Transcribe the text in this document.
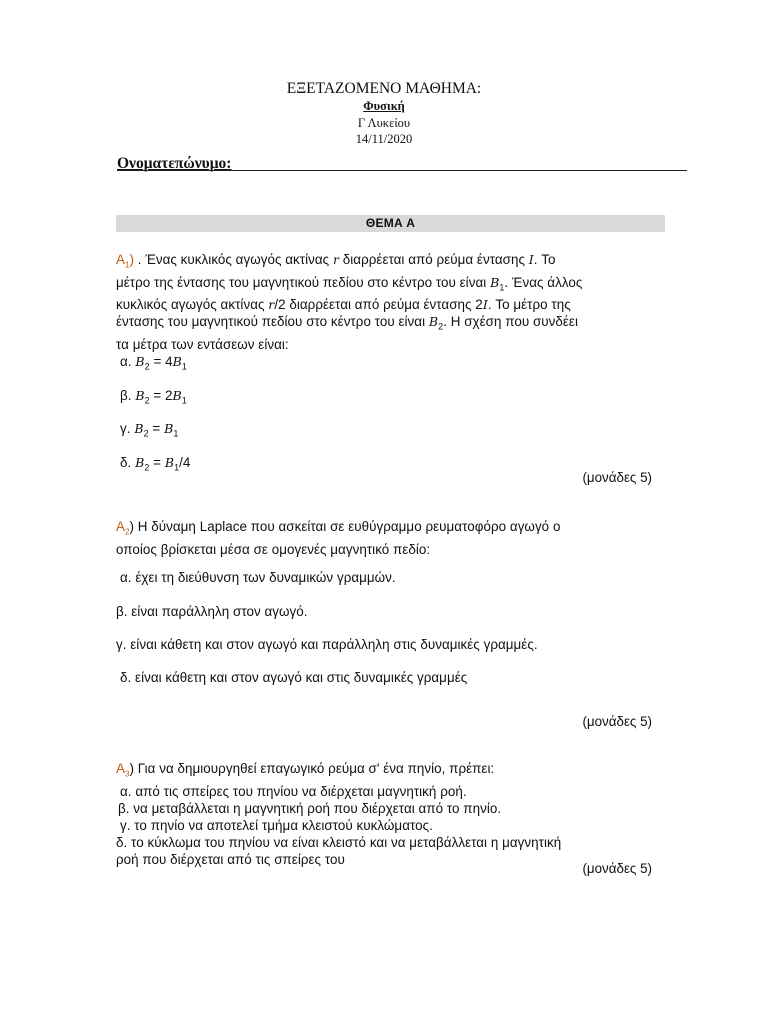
ΕΞΕΤΑΖΟΜΕΝΟ ΜΑΘΗΜΑ:
Φυσική
Γ Λυκείου
14/11/2020
Ονοματεπώνυμο:
ΘΕΜΑ Α
$A_1$) . Ένας κυκλικός αγωγός ακτίνας r διαρρέεται από ρεύμα έντασης I. Το
μέτρο της έντασης του μαγνητικού πεδίου στο κέντρο του είναι $B_1$. Ένας άλλος
κυκλικός αγωγός ακτίνας r/2 διαρρέεται από ρεύμα έντασης 2I. Το μέτρο της
έντασης του μαγνητικού πεδίου στο κέντρο του είναι $B_2$. Η σχέση που συνδέει
τα μέτρα των εντάσεων είναι:
α. $B_2 = 4B_1$
β. $B_2 = 2B_1$
γ. $B_2 = B_1$
δ. $B_2 = B_1/4$
(μονάδες 5)
$A_2$) Η δύναμη Laplace που ασκείται σε ευθύγραμμο ρευματοφόρο αγωγό ο
οποίος βρίσκεται μέσα σε ομογενές μαγνητικό πεδίο:
α. έχει τη διεύθυνση των δυναμικών γραμμών.
β. είναι παράλληλη στον αγωγό.
γ. είναι κάθετη και στον αγωγό και παράλληλη στις δυναμικές γραμμές.
δ. είναι κάθετη και στον αγωγό και στις δυναμικές γραμμές
(μονάδες 5)
$A_3$) Για να δημιουργηθεί επαγωγικό ρεύμα σ' ένα πηνίο, πρέπει:
α. από τις σπείρες του πηνίου να διέρχεται μαγνητική ροή.
β. να μεταβάλλεται η μαγνητική ροή που διέρχεται από το πηνίο.
γ. το πηνίο να αποτελεί τμήμα κλειστού κυκλώματος.
δ. το κύκλωμα του πηνίου να είναι κλειστό και να μεταβάλλεται η μαγνητική
ροή που διέρχεται από τις σπείρες του
(μονάδες 5)
